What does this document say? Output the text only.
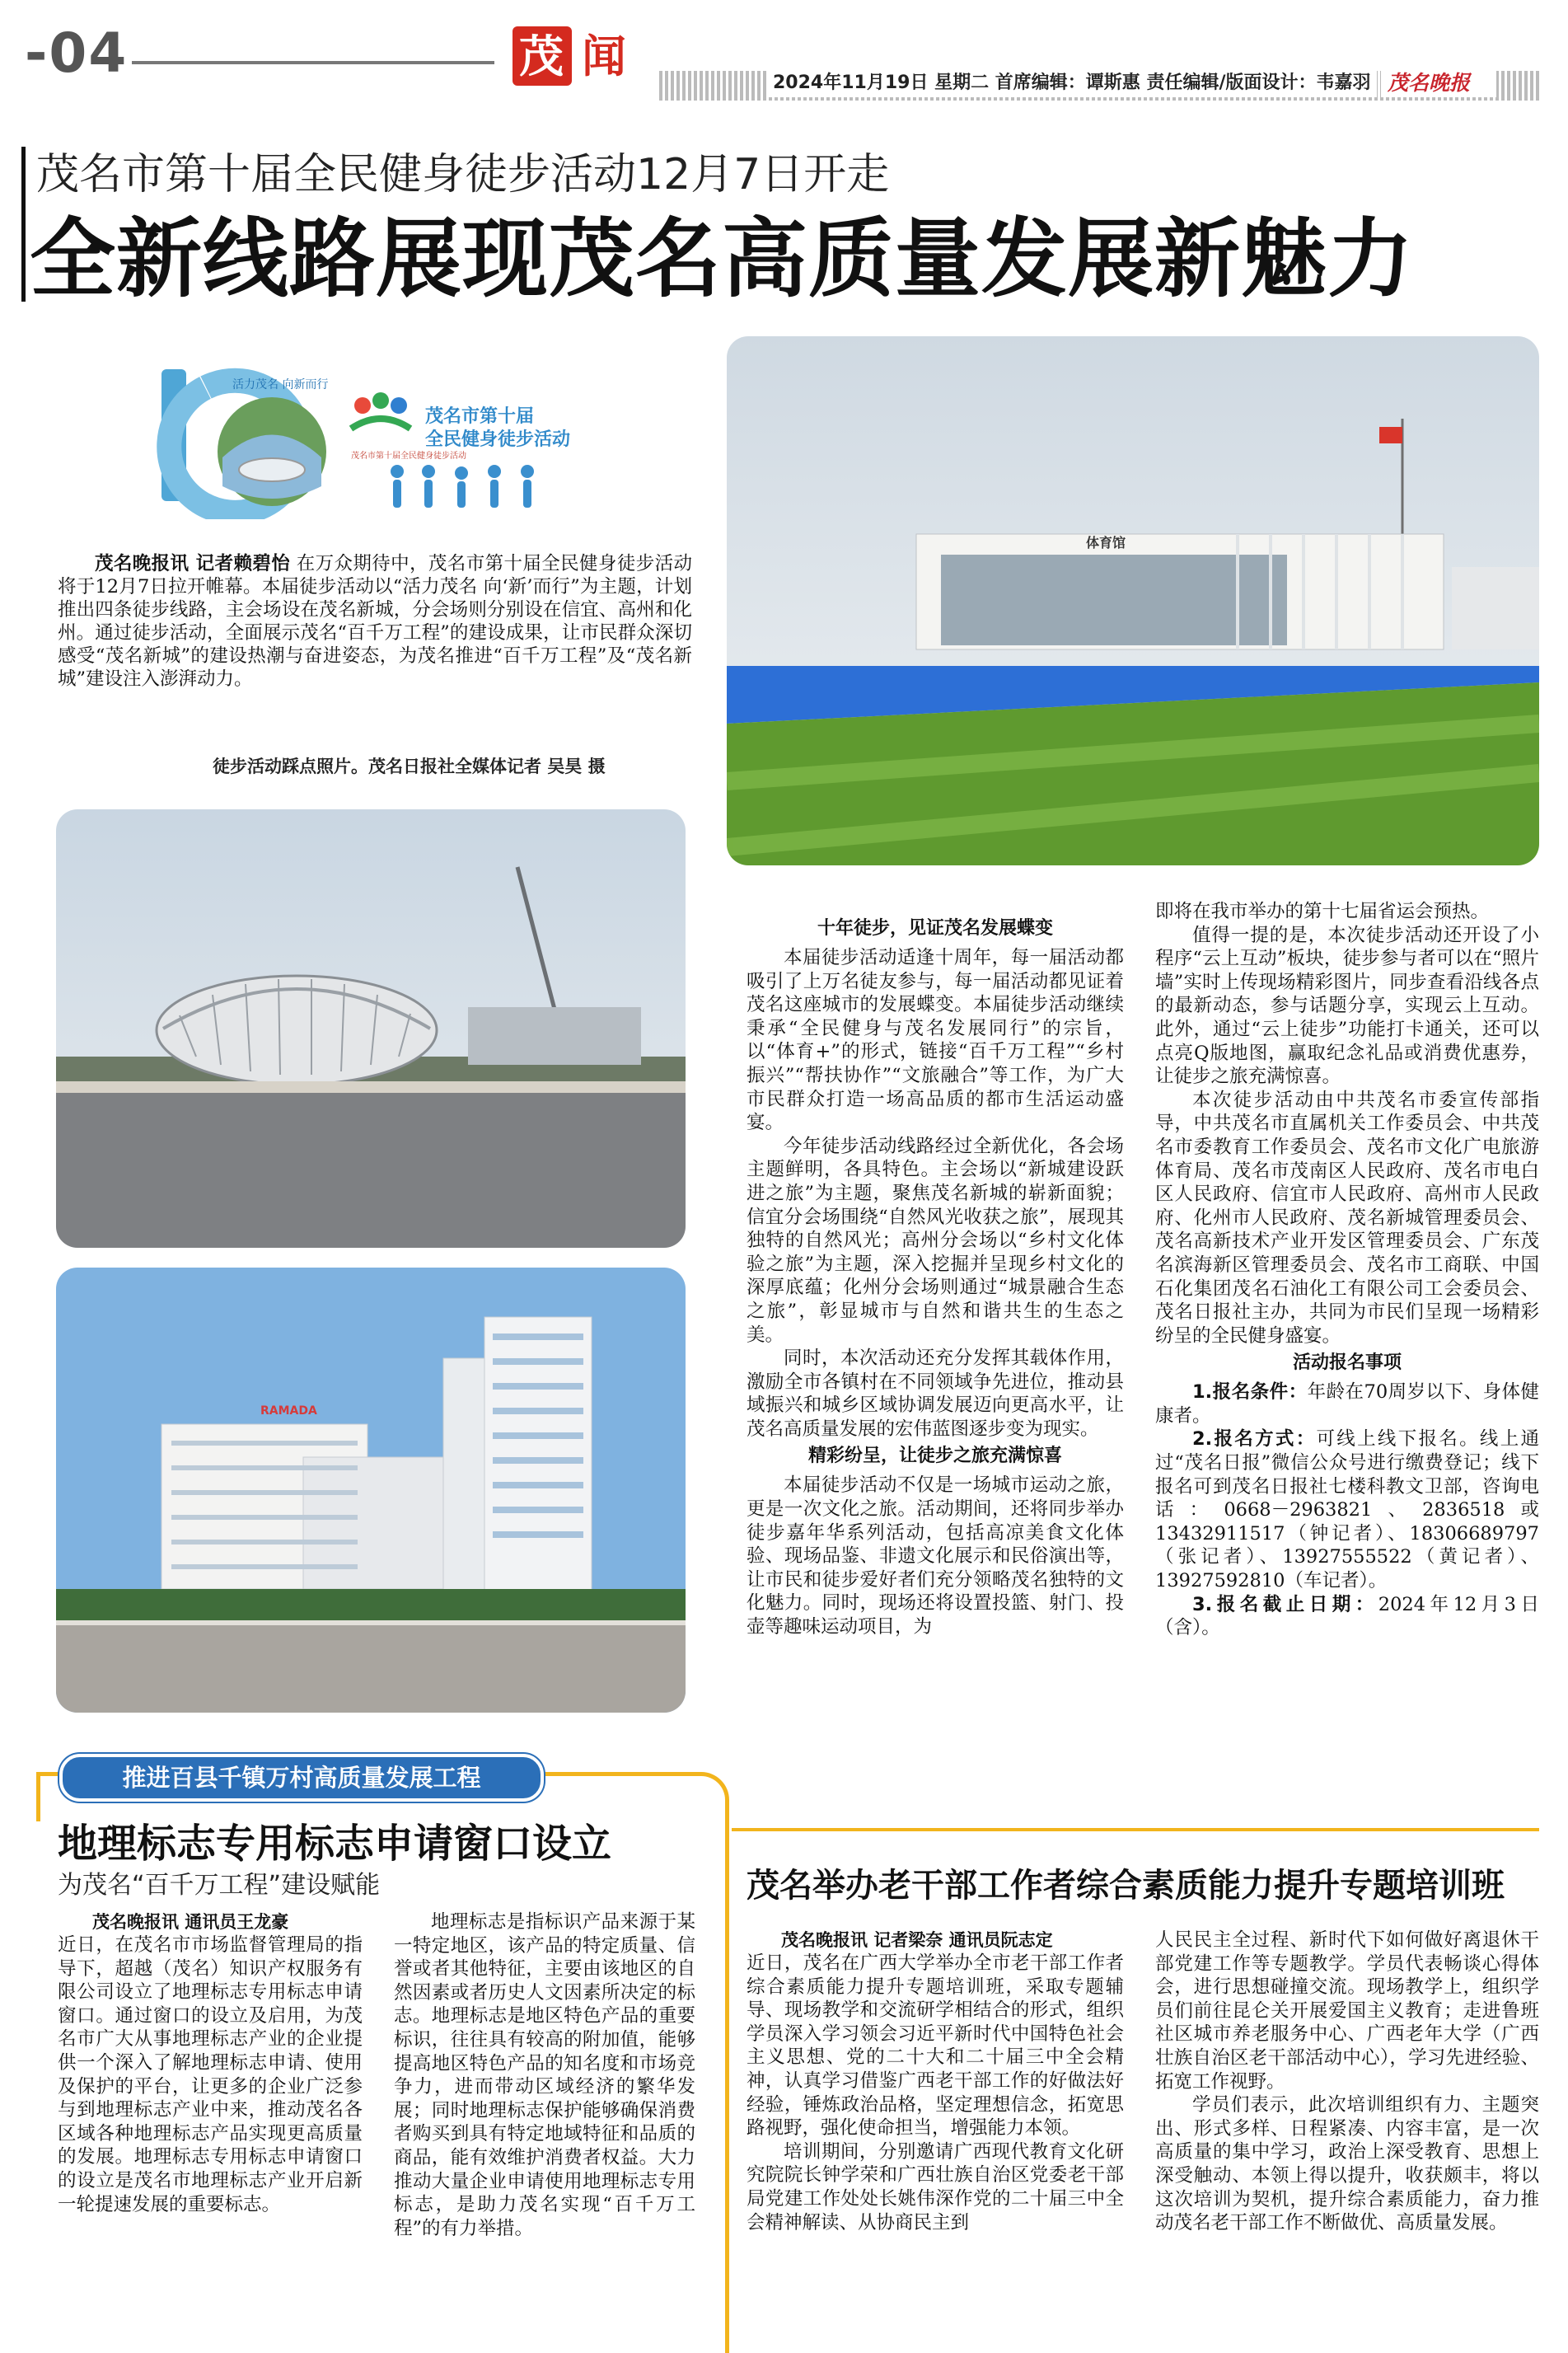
-04	茂 闻
2024年11月19日 星期二 首席编辑：谭斯惠 责任编辑/版面设计：韦嘉羽 茂名晚报
茂名市第十届全民健身徒步活动12月7日开走
全新线路展现茂名高质量发展新魅力
活力茂名 向新而行
茂名市第十届
全民健身徒步活动
茂名市第十届全民健身徒步活动

茂名晚报讯 记者赖碧怡 在万众期待中，茂名市第十届全民健身徒步活动将于12月7日拉开帷幕。本届徒步活动以“活力茂名 向‘新’而行”为主题，计划推出四条徒步线路，主会场设在茂名新城，分会场则分别设在信宜、高州和化州。通过徒步活动，全面展示茂名“百千万工程”的建设成果，让市民群众深切感受“茂名新城”的建设热潮与奋进姿态，为茂名推进“百千万工程”及“茂名新城”建设注入澎湃动力。

徒步活动踩点照片。茂名日报社全媒体记者 吴昊 摄
RAMADA
体育馆
十年徒步，见证茂名发展蝶变

本届徒步活动适逢十周年，每一届活动都吸引了上万名徒友参与，每一届活动都见证着茂名这座城市的发展蝶变。本届徒步活动继续秉承“全民健身与茂名发展同行”的宗旨，以“体育+”的形式，链接“百千万工程”“乡村振兴”“帮扶协作”“文旅融合”等工作，为广大市民群众打造一场高品质的都市生活运动盛宴。

今年徒步活动线路经过全新优化，各会场主题鲜明，各具特色。主会场以“新城建设跃进之旅”为主题，聚焦茂名新城的崭新面貌；信宜分会场围绕“自然风光收获之旅”，展现其独特的自然风光；高州分会场以“乡村文化体验之旅”为主题，深入挖掘并呈现乡村文化的深厚底蕴；化州分会场则通过“城景融合生态之旅”，彰显城市与自然和谐共生的生态之美。

同时，本次活动还充分发挥其载体作用，激励全市各镇村在不同领域争先进位，推动县域振兴和城乡区域协调发展迈向更高水平，让茂名高质量发展的宏伟蓝图逐步变为现实。

精彩纷呈，让徒步之旅充满惊喜

本届徒步活动不仅是一场城市运动之旅，更是一次文化之旅。活动期间，还将同步举办徒步嘉年华系列活动，包括高凉美食文化体验、现场品鉴、非遗文化展示和民俗演出等，让市民和徒步爱好者们充分领略茂名独特的文化魅力。同时，现场还将设置投篮、射门、投壶等趣味运动项目，为

即将在我市举办的第十七届省运会预热。

值得一提的是，本次徒步活动还开设了小程序“云上互动”板块，徒步参与者可以在“照片墙”实时上传现场精彩图片，同步查看沿线各点的最新动态，参与话题分享，实现云上互动。此外，通过“云上徒步”功能打卡通关，还可以点亮Q版地图，赢取纪念礼品或消费优惠券，让徒步之旅充满惊喜。

本次徒步活动由中共茂名市委宣传部指导，中共茂名市直属机关工作委员会、中共茂名市委教育工作委员会、茂名市文化广电旅游体育局、茂名市茂南区人民政府、茂名市电白区人民政府、信宜市人民政府、高州市人民政府、化州市人民政府、茂名新城管理委员会、茂名高新技术产业开发区管理委员会、广东茂名滨海新区管理委员会、茂名市工商联、中国石化集团茂名石油化工有限公司工会委员会、茂名日报社主办，共同为市民们呈现一场精彩纷呈的全民健身盛宴。

活动报名事项

1.报名条件：年龄在70周岁以下、身体健康者。

2.报名方式：可线上线下报名。线上通过“茂名日报”微信公众号进行缴费登记；线下报名可到茂名日报社七楼科教文卫部，咨询电话：0668－2963821、2836518或13432911517（钟记者）、18306689797（张记者）、13927555522（黄记者）、13927592810（车记者）。

3.报名截止日期：2024年12月3日（含）。

推进百县千镇万村高质量发展工程
地理标志专用标志申请窗口设立
为茂名“百千万工程”建设赋能
茂名晚报讯 通讯员王龙豪

近日，在茂名市市场监督管理局的指导下，超越（茂名）知识产权服务有限公司设立了地理标志专用标志申请窗口。通过窗口的设立及启用，为茂名市广大从事地理标志产业的企业提供一个深入了解地理标志申请、使用及保护的平台，让更多的企业广泛参与到地理标志产业中来，推动茂名各区域各种地理标志产品实现更高质量的发展。地理标志专用标志申请窗口的设立是茂名市地理标志产业开启新一轮提速发展的重要标志。

地理标志是指标识产品来源于某一特定地区，该产品的特定质量、信誉或者其他特征，主要由该地区的自然因素或者历史人文因素所决定的标志。地理标志是地区特色产品的重要标识，往往具有较高的附加值，能够提高地区特色产品的知名度和市场竞争力，进而带动区域经济的繁华发展；同时地理标志保护能够确保消费者购买到具有特定地域特征和品质的商品，能有效维护消费者权益。大力推动大量企业申请使用地理标志专用标志，是助力茂名实现“百千万工程”的有力举措。

茂名举办老干部工作者综合素质能力提升专题培训班
茂名晚报讯 记者梁奈 通讯员阮志定

近日，茂名在广西大学举办全市老干部工作者综合素质能力提升专题培训班，采取专题辅导、现场教学和交流研学相结合的形式，组织学员深入学习领会习近平新时代中国特色社会主义思想、党的二十大和二十届三中全会精神，认真学习借鉴广西老干部工作的好做法好经验，锤炼政治品格，坚定理想信念，拓宽思路视野，强化使命担当，增强能力本领。

培训期间，分别邀请广西现代教育文化研究院院长钟学荣和广西壮族自治区党委老干部局党建工作处处长姚伟深作党的二十届三中全会精神解读、从协商民主到

人民民主全过程、新时代下如何做好离退休干部党建工作等专题教学。学员代表畅谈心得体会，进行思想碰撞交流。现场教学上，组织学员们前往昆仑关开展爱国主义教育；走进鲁班社区城市养老服务中心、广西老年大学（广西壮族自治区老干部活动中心），学习先进经验、拓宽工作视野。

学员们表示，此次培训组织有力、主题突出、形式多样、日程紧凑、内容丰富，是一次高质量的集中学习，政治上深受教育、思想上深受触动、本领上得以提升，收获颇丰，将以这次培训为契机，提升综合素质能力，奋力推动茂名老干部工作不断做优、高质量发展。
